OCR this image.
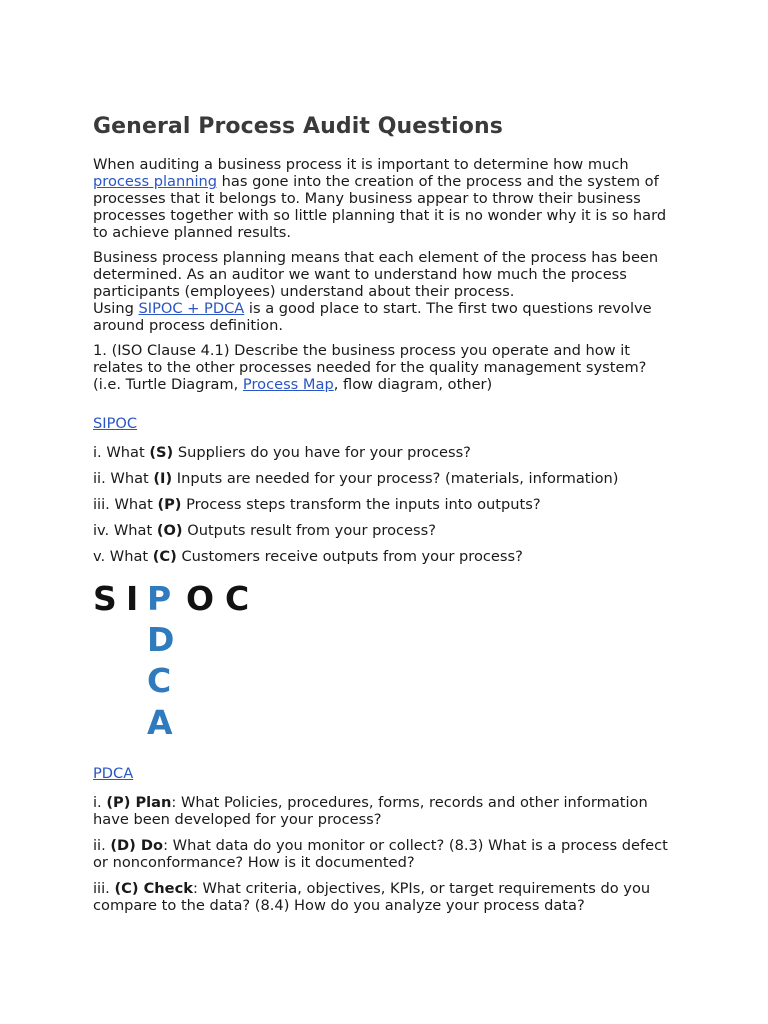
General Process Audit Questions

When auditing a business process it is important to determine how much process planning has gone into the creation of the process and the system of processes that it belongs to. Many business appear to throw their business processes together with so little planning that it is no wonder why it is so hard to achieve planned results.

Business process planning means that each element of the process has been determined. As an auditor we want to understand how much the process participants (employees) understand about their process.
Using SIPOC + PDCA is a good place to start. The first two questions revolve around process definition.

1. (ISO Clause 4.1) Describe the business process you operate and how it relates to the other processes needed for the quality management system? (i.e. Turtle Diagram, Process Map, flow diagram, other)

SIPOC

i. What (S) Suppliers do you have for your process?

ii. What (I) Inputs are needed for your process? (materials, information)

iii. What (P) Process steps transform the inputs into outputs?

iv. What (O) Outputs result from your process?

v. What (C) Customers receive outputs from your process?

S I P O C
D
C
A
PDCA

i. (P) Plan: What Policies, procedures, forms, records and other information have been developed for your process?

ii. (D) Do: What data do you monitor or collect? (8.3) What is a process defect or nonconformance? How is it documented?

iii. (C) Check: What criteria, objectives, KPIs, or target requirements do you compare to the data? (8.4) How do you analyze your process data?
